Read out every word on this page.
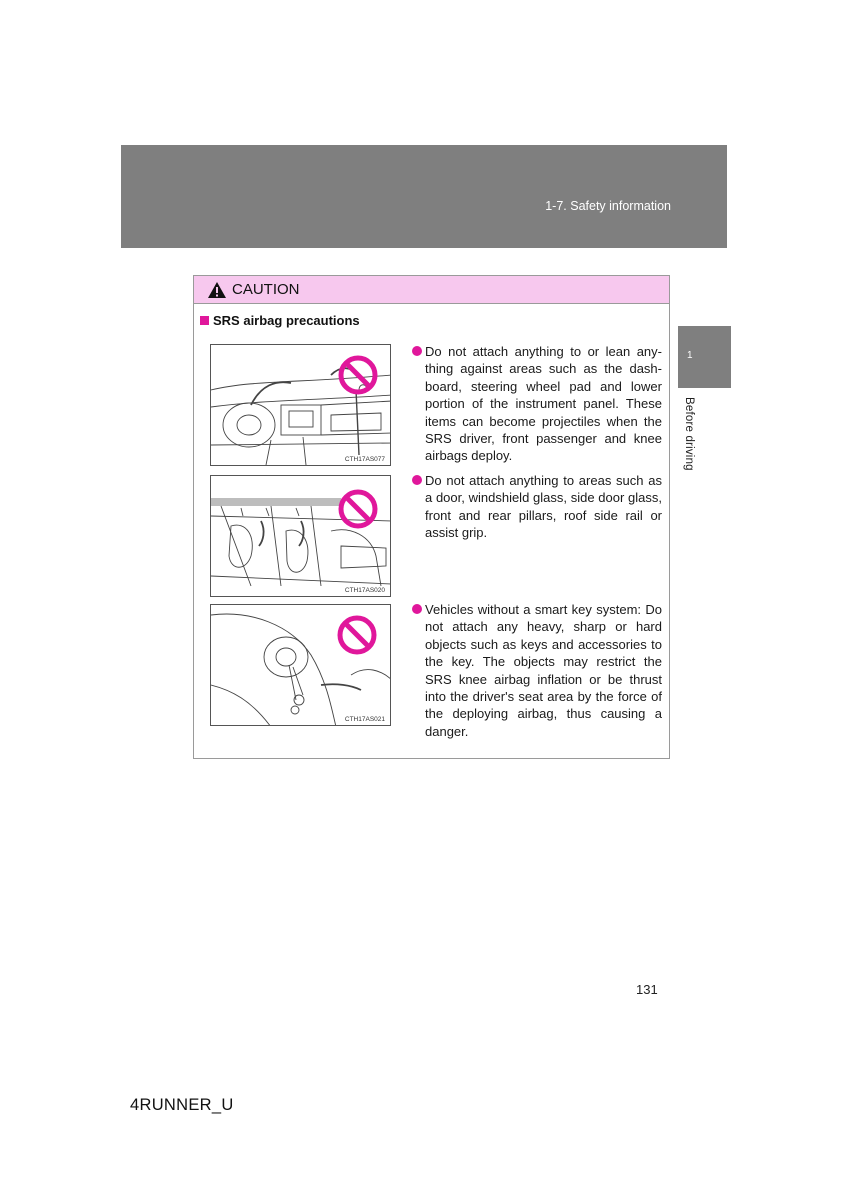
1-7. Safety information
1
Before driving
CAUTION
SRS airbag precautions
CTH17AS077
CTH17AS020
CTH17AS021
Do not attach anything to or lean any-thing against areas such as the dash-board, steering wheel pad and lower portion of the instrument panel. These items can become projectiles when the SRS driver, front passenger and knee airbags deploy.
Do not attach anything to areas such as a door, windshield glass, side door glass, front and rear pillars, roof side rail or assist grip.
Vehicles without a smart key system: Do not attach any heavy, sharp or hard objects such as keys and accessories to the key. The objects may restrict the SRS knee airbag inflation or be thrust into the driver's seat area by the force of the deploying airbag, thus causing a danger.
131
4RUNNER_U
